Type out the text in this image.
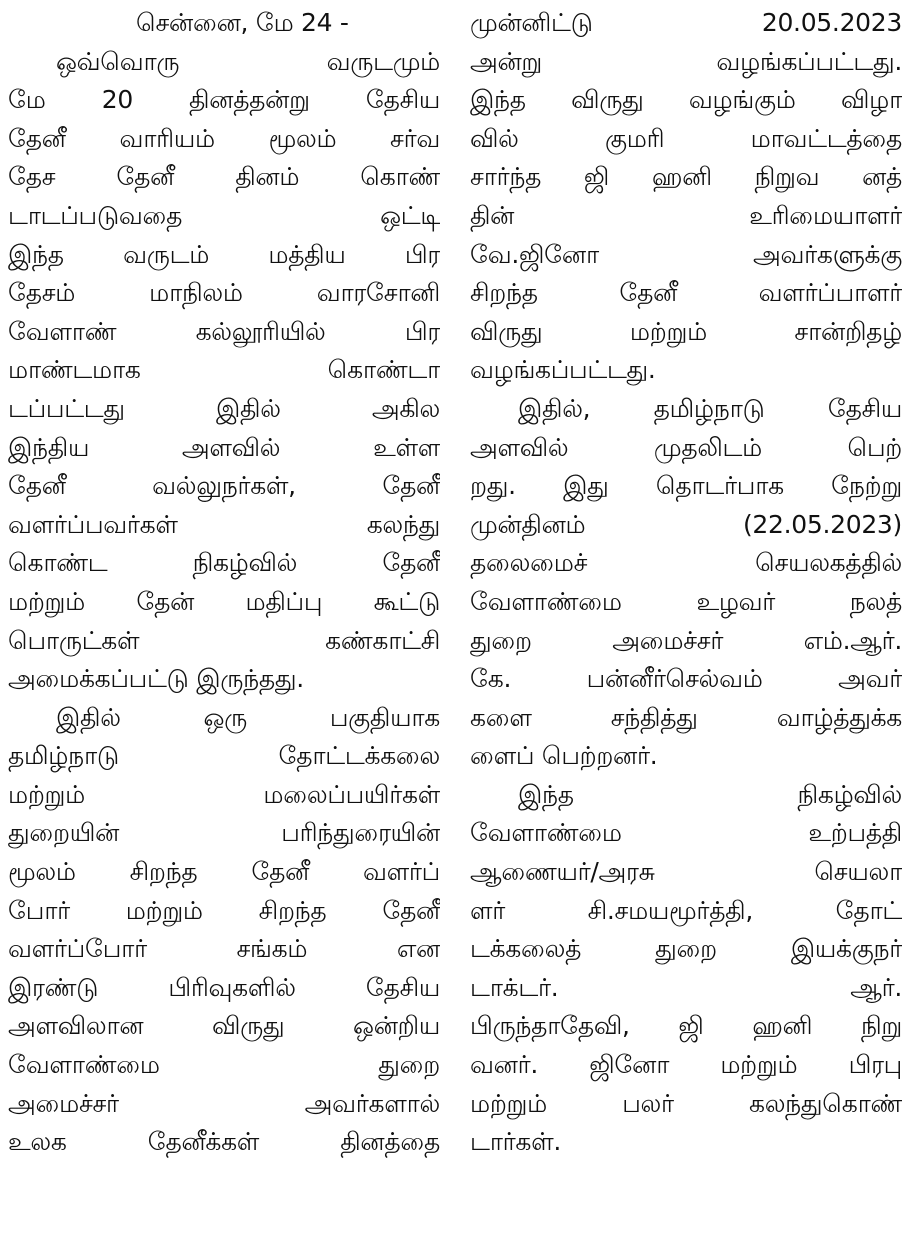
சென்னை, மே 24 -
ஒவ்வொரு வருடமும்
மே 20 தினத்தன்று தேசிய
தேனீ வாரியம் மூலம் சர்வ
தேச தேனீ தினம் கொண்
டாடப்படுவதை ஒட்டி
இந்த வருடம் மத்திய பிர
தேசம் மாநிலம் வாரசோனி
வேளாண் கல்லூரியில் பிர
மாண்டமாக கொண்டா
டப்பட்டது இதில் அகில
இந்திய அளவில் உள்ள
தேனீ வல்லுநர்கள், தேனீ
வளர்ப்பவர்கள் கலந்து
கொண்ட நிகழ்வில் தேனீ
மற்றும் தேன் மதிப்பு கூட்டு
பொருட்கள் கண்காட்சி
அமைக்கப்பட்டு இருந்தது.
இதில் ஒரு பகுதியாக
தமிழ்நாடு தோட்டக்கலை
மற்றும் மலைப்பயிர்கள்
துறையின் பரிந்துரையின்
மூலம் சிறந்த தேனீ வளர்ப்
போர் மற்றும் சிறந்த தேனீ
வளர்ப்போர் சங்கம் என
இரண்டு பிரிவுகளில் தேசிய
அளவிலான விருது ஒன்றிய
வேளாண்மை துறை
அமைச்சர் அவர்களால்
உலக தேனீக்கள் தினத்தை
முன்னிட்டு 20.05.2023
அன்று வழங்கப்பட்டது.
இந்த விருது வழங்கும் விழா
வில் குமரி மாவட்டத்தை
சார்ந்த ஜி ஹனி நிறுவ னத்
தின் உரிமையாளர்
வே.ஜினோ அவர்களுக்கு
சிறந்த தேனீ வளர்ப்பாளர்
விருது மற்றும் சான்றிதழ்
வழங்கப்பட்டது.
இதில், தமிழ்நாடு தேசிய
அளவில் முதலிடம் பெற்
றது. இது தொடர்பாக நேற்று
முன்தினம் (22.05.2023)
தலைமைச் செயலகத்தில்
வேளாண்மை உழவர் நலத்
துறை அமைச்சர் எம்.ஆர்.
கே. பன்னீர்செல்வம் அவர்
களை சந்தித்து வாழ்த்துக்க
ளைப் பெற்றனர்.
இந்த நிகழ்வில்
வேளாண்மை உற்பத்தி
ஆணையர்/அரசு செயலா
ளர் சி.சமயமூர்த்தி, தோட்
டக்கலைத் துறை இயக்குநர்
டாக்டர். ஆர்.
பிருந்தாதேவி, ஜி ஹனி நிறு
வனர். ஜினோ மற்றும் பிரபு
மற்றும் பலர் கலந்துகொண்
டார்கள்.
